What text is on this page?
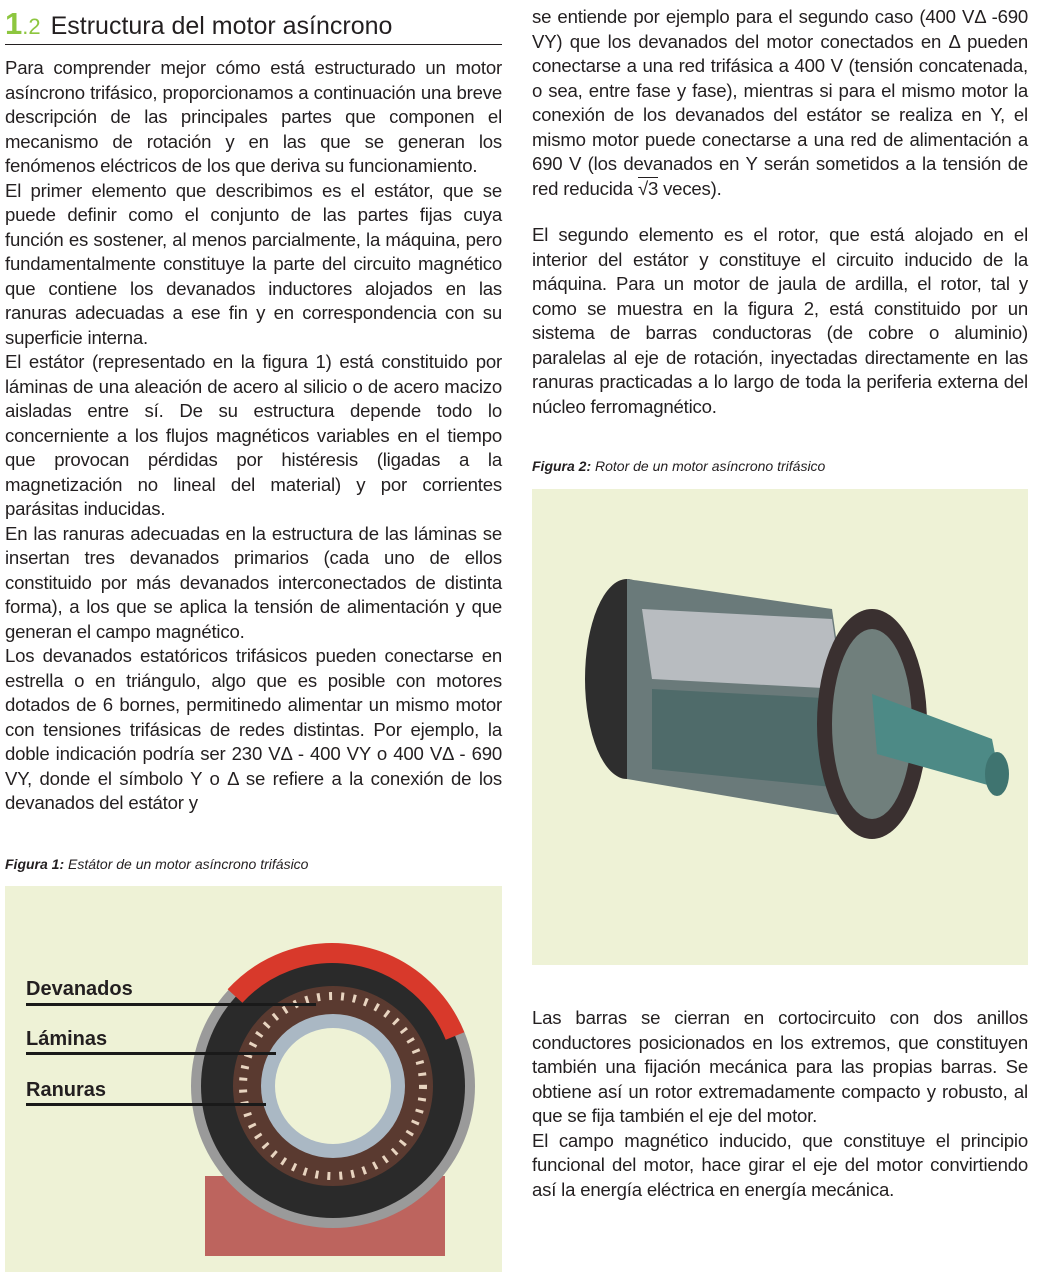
1.2 Estructura del motor asíncrono

Para comprender mejor cómo está estructurado un motor asíncrono trifásico, proporcionamos a continuación una breve descripción de las principales partes que componen el mecanismo de rotación y en las que se generan los fenómenos eléctricos de los que deriva su funcionamiento.

El primer elemento que describimos es el estátor, que se puede definir como el conjunto de las partes fijas cuya función es sostener, al menos parcialmente, la máquina, pero fundamentalmente constituye la parte del circuito magnético que contiene los devanados inductores alojados en las ranuras adecuadas a ese fin y en correspondencia con su superficie interna.

El estátor (representado en la figura 1) está constituido por láminas de una aleación de acero al silicio o de acero macizo aisladas entre sí. De su estructura depende todo lo concerniente a los flujos magnéticos variables en el tiempo que provocan pérdidas por histéresis (ligadas a la magnetización no lineal del material) y por corrientes parásitas inducidas.

En las ranuras adecuadas en la estructura de las láminas se insertan tres devanados primarios (cada uno de ellos constituido por más devanados interconectados de distinta forma), a los que se aplica la tensión de alimentación y que generan el campo magnético.

Los devanados estatóricos trifásicos pueden conectarse en estrella o en triángulo, algo que es posible con motores dotados de 6 bornes, permitinedo alimentar un mismo motor con tensiones trifásicas de redes distintas. Por ejemplo, la doble indicación podría ser 230 VΔ - 400 VY o 400 VΔ - 690 VY, donde el símbolo Y o Δ se refiere a la conexión de los devanados del estátor y

Figura 1: Estátor de un motor asíncrono trifásico
Devanados
Láminas
Ranuras

se entiende por ejemplo para el segundo caso (400 VΔ -690 VY) que los devanados del motor conectados en Δ pueden conectarse a una red trifásica a 400 V (tensión concatenada, o sea, entre fase y fase), mientras si para el mismo motor la conexión de los devanados del estátor se realiza en Y, el mismo motor puede conectarse a una red de alimentación a 690 V (los devanados en Y serán sometidos a la tensión de red reducida √3 veces).

El segundo elemento es el rotor, que está alojado en el interior del estátor y constituye el circuito inducido de la máquina. Para un motor de jaula de ardilla, el rotor, tal y como se muestra en la figura 2, está constituido por un sistema de barras conductoras (de cobre o aluminio) paralelas al eje de rotación, inyectadas directamente en las ranuras practicadas a lo largo de toda la periferia externa del núcleo ferromagnético.

Figura 2: Rotor de un motor asíncrono trifásico

Las barras se cierran en cortocircuito con dos anillos conductores posicionados en los extremos, que constituyen también una fijación mecánica para las propias barras. Se obtiene así un rotor extremadamente compacto y robusto, al que se fija también el eje del motor.

El campo magnético inducido, que constituye el principio funcional del motor, hace girar el eje del motor convirtiendo así la energía eléctrica en energía mecánica.
